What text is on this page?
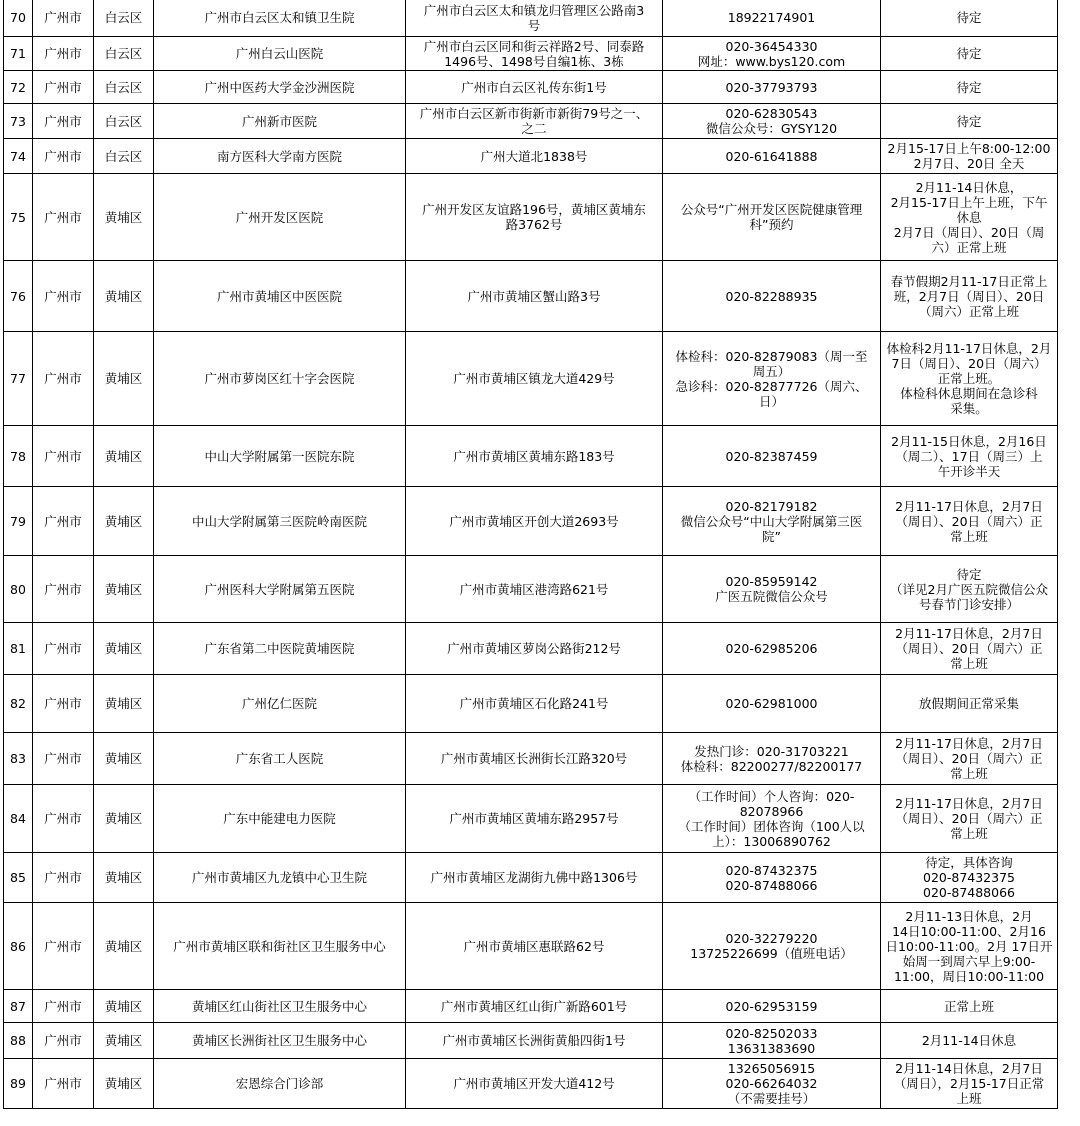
70	广州市	白云区	广州市白云区太和镇卫生院	广州市白云区太和镇龙归管理区公路南3
号	18922174901	待定
71	广州市	白云区	广州白云山医院	广州市白云区同和街云祥路2号、同泰路
1496号、1498号自编1栋、3栋	020-36454330
网址：www.bys120.com	待定
72	广州市	白云区	广州中医药大学金沙洲医院	广州市白云区礼传东街1号	020-37793793	待定
73	广州市	白云区	广州新市医院	广州市白云区新市街新市新街79号之一、
之二	020-62830543
微信公众号：GYSY120	待定
74	广州市	白云区	南方医科大学南方医院	广州大道北1838号	020-61641888	2月15-17日上午8:00-12:00
2月7日、20日 全天
75	广州市	黄埔区	广州开发区医院	广州开发区友谊路196号，黄埔区黄埔东
路3762号	公众号“广州开发区医院健康管理
科”预约	2月11-14日休息，
2月15-17日上午上班，下午
休息
2月7日（周日）、20日（周
六）正常上班
76	广州市	黄埔区	广州市黄埔区中医医院	广州市黄埔区蟹山路3号	020-82288935	春节假期2月11-17日正常上
班，2月7日（周日）、20日
（周六）正常上班
77	广州市	黄埔区	广州市萝岗区红十字会医院	广州市黄埔区镇龙大道429号	体检科：020-82879083（周一至
周五）
急诊科：020-82877726（周六、
日）	体检科2月11-17日休息，2月
7日（周日）、20日（周六）
正常上班。
体检科休息期间在急诊科
采集。
78	广州市	黄埔区	中山大学附属第一医院东院	广州市黄埔区黄埔东路183号	020-82387459	2月11-15日休息，2月16日
（周二）、17日（周三）上
午开诊半天
79	广州市	黄埔区	中山大学附属第三医院岭南医院	广州市黄埔区开创大道2693号	020-82179182
微信公众号“中山大学附属第三医
院”	2月11-17日休息，2月7日
（周日）、20日（周六）正
常上班
80	广州市	黄埔区	广州医科大学附属第五医院	广州市黄埔区港湾路621号	020-85959142
广医五院微信公众号	待定
（详见2月广医五院微信公众
号春节门诊安排）
81	广州市	黄埔区	广东省第二中医院黄埔医院	广州市黄埔区萝岗公路街212号	020-62985206	2月11-17日休息，2月7日
（周日）、20日（周六）正
常上班
82	广州市	黄埔区	广州亿仁医院	广州市黄埔区石化路241号	020-62981000	放假期间正常采集
83	广州市	黄埔区	广东省工人医院	广州市黄埔区长洲街长江路320号	发热门诊：020-31703221
体检科：82200277/82200177	2月11-17日休息，2月7日
（周日）、20日（周六）正
常上班
84	广州市	黄埔区	广东中能建电力医院	广州市黄埔区黄埔东路2957号	（工作时间）个人咨询：020-
82078966
（工作时间）团体咨询（100人以
上）：13006890762	2月11-17日休息，2月7日
（周日）、20日（周六）正
常上班
85	广州市	黄埔区	广州市黄埔区九龙镇中心卫生院	广州市黄埔区龙湖街九佛中路1306号	020-87432375
020-87488066	待定，具体咨询
020-87432375
020-87488066
86	广州市	黄埔区	广州市黄埔区联和街社区卫生服务中心	广州市黄埔区惠联路62号	020-32279220
13725226699（值班电话）	2月11-13日休息，2月
14日10:00-11:00、2月16
日10:00-11:00。2月 17日开
始周一到周六早上9:00-
11:00，周日10:00-11:00
87	广州市	黄埔区	黄埔区红山街社区卫生服务中心	广州市黄埔区红山街广新路601号	020-62953159	正常上班
88	广州市	黄埔区	黄埔区长洲街社区卫生服务中心	广州市黄埔区长洲街黄船四街1号	020-82502033
13631383690	2月11-14日休息
89	广州市	黄埔区	宏恩综合门诊部	广州市黄埔区开发大道412号	13265056915
020-66264032
（不需要挂号）	2月11-14日休息，2月7日
（周日），2月15-17日正常
上班
